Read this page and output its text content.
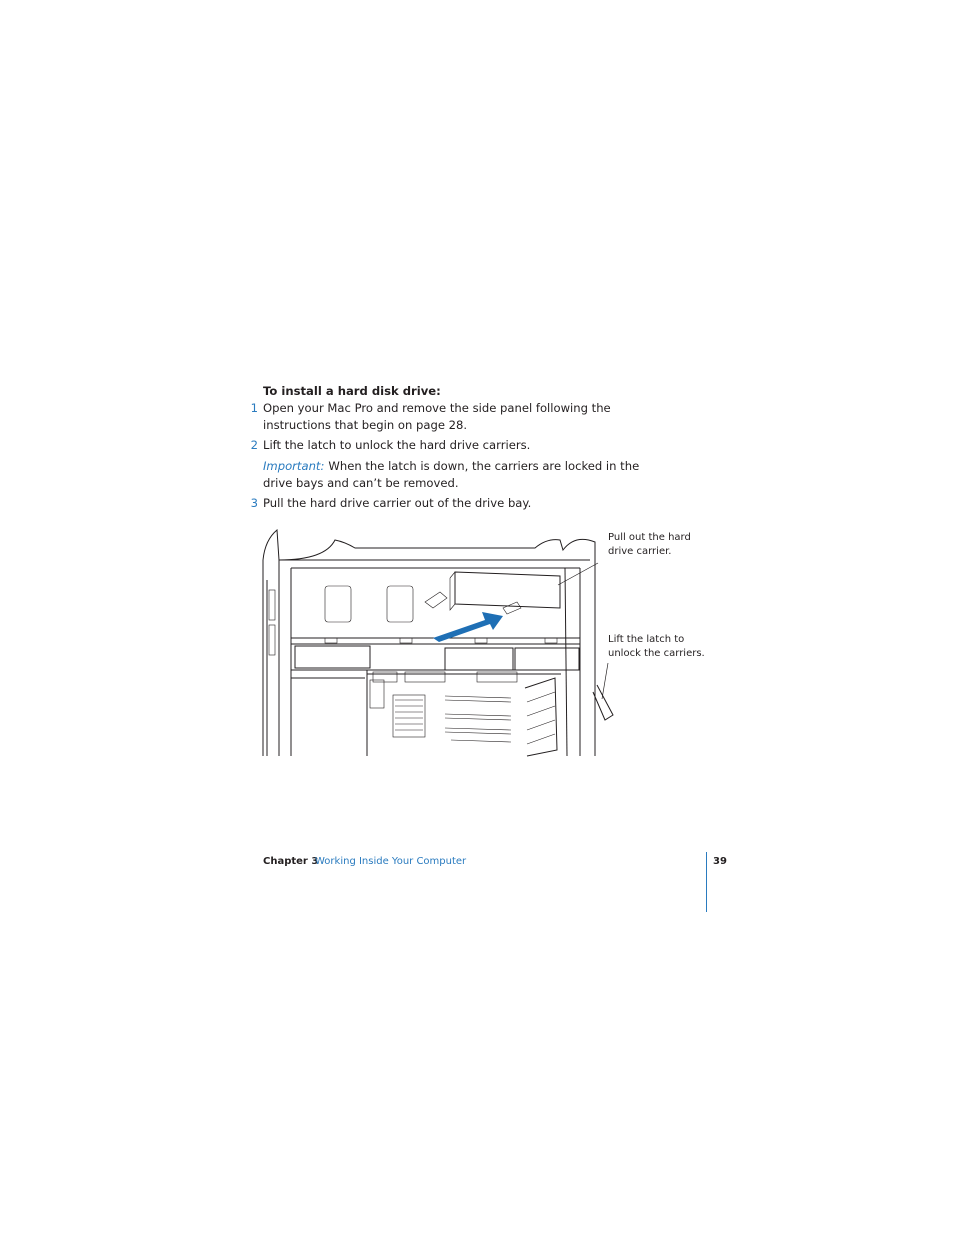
To install a hard disk drive:
1 Open your Mac Pro and remove the side panel following the instructions that begin on page 28.
2 Lift the latch to unlock the hard drive carriers.
Important: When the latch is down, the carriers are locked in the drive bays and can’t be removed.
3 Pull the hard drive carrier out of the drive bay.
Pull out the hard drive carrier.
Lift the latch to unlock the carriers.
Chapter 3
Working Inside Your Computer	39
